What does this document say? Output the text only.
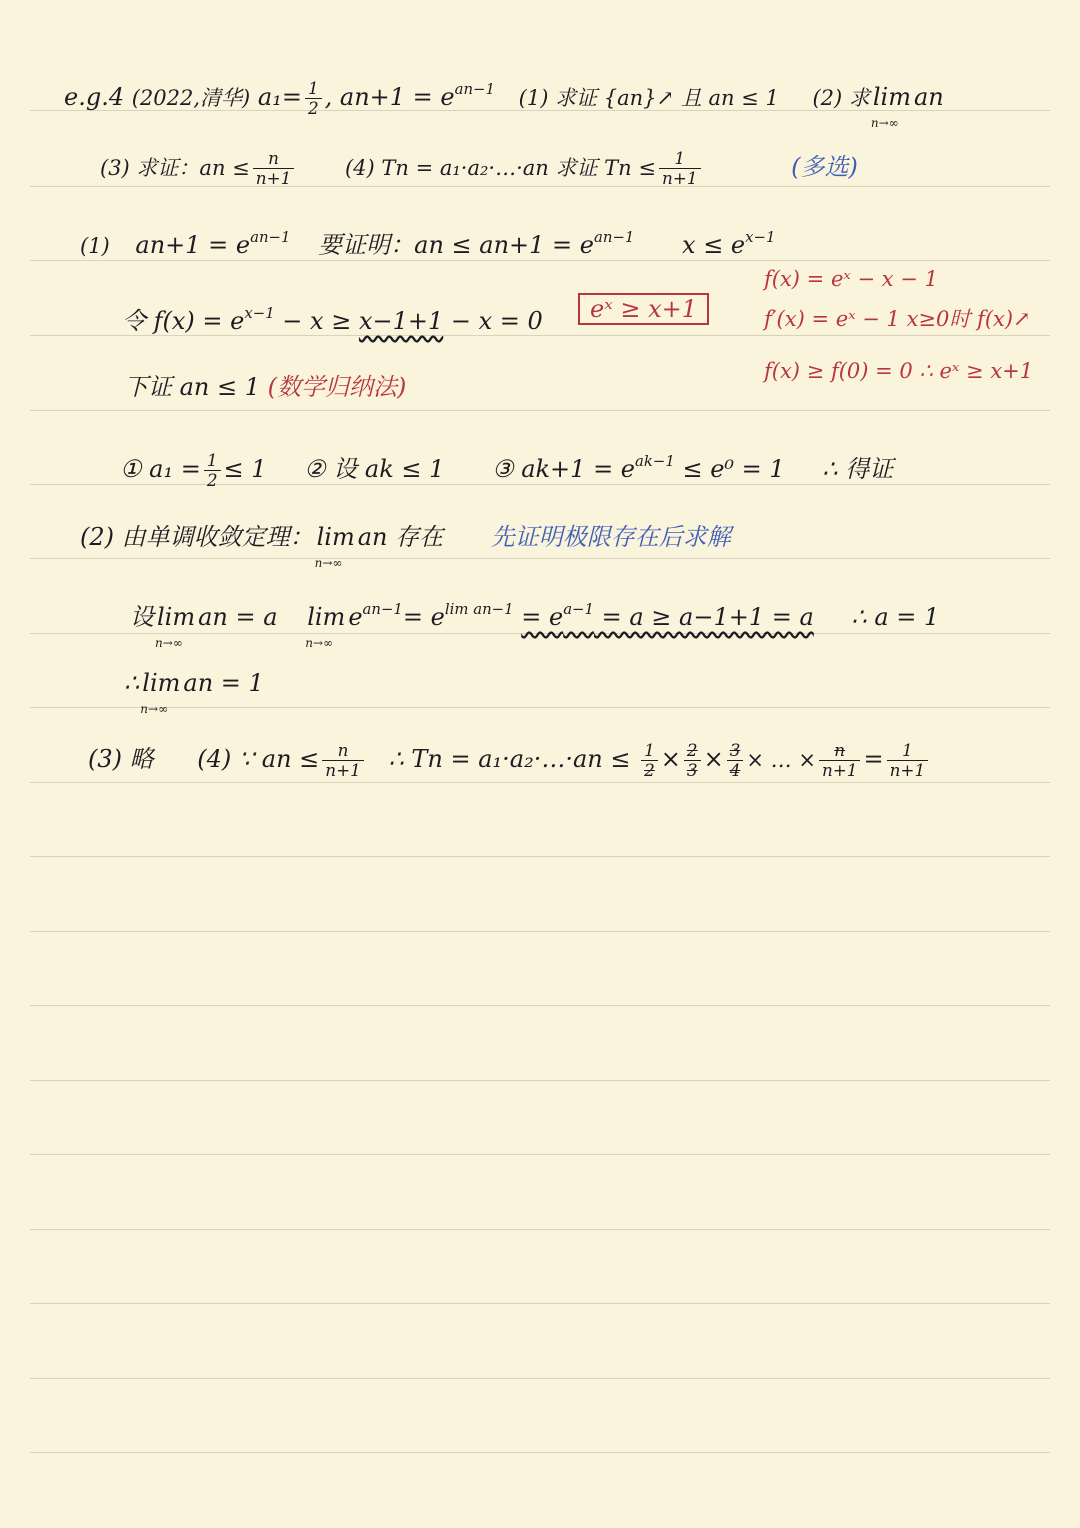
e.g.4 (2022,清华) $a_1= \frac{1}{2}$ , $an+1 = e^{an-1}$ (1) 求证 {an}↗ 且 an ≤ 1 (2) 求 lim
n→∞
an
(3) 求证：an ≤ $\frac{n}{n+1} (4) Tn$ = a₁·a₂·…·an 求证 $Tn \le \frac{1}{n+1}$	(多选)
(1) $an+1 = e^{an-1}$ 要证明：an ≤ $an+1 = e^{an-1}$ $x \le e^{x-1}$
令 $f(x) = e^{x-1} - x \ge x-1+1 - x = 0$	eˣ ≥ x+1
f(x) = eˣ − x − 1
f′(x) = eˣ − 1 x≥0时 f(x)↗
f(x) ≥ f(0) = 0 ∴ eˣ ≥ x+1
下证 an ≤ 1 (数学归纳法)
① $a_1 = \frac{1}{2} \le 1$ ② 设 ak ≤ 1 ③ $ak+1 = e^{ak-1} \le e^0 = 1$ ∴ 得证
(2) 由单调收敛定理： lim
n→∞
an 存在 先证明极限存在后求解
设 lim
n→∞
an = a lim
n→∞
$e^{an-1}= e^{lim an-1} = e^{a-1} = a \ge a-1+1 = a$ ∴ a = 1
∴ lim
n→∞
an = 1
(3) 略 (4) ∵ an ≤ $\frac{n}{n+1}$ ∴ Tn = a₁·a₂·…·an ≤ $\frac{1}{2} \times \frac{2}{3} \times \frac{3}{4}$ × … × $\frac{n}{n+1} = \frac{1}{n+1}$
